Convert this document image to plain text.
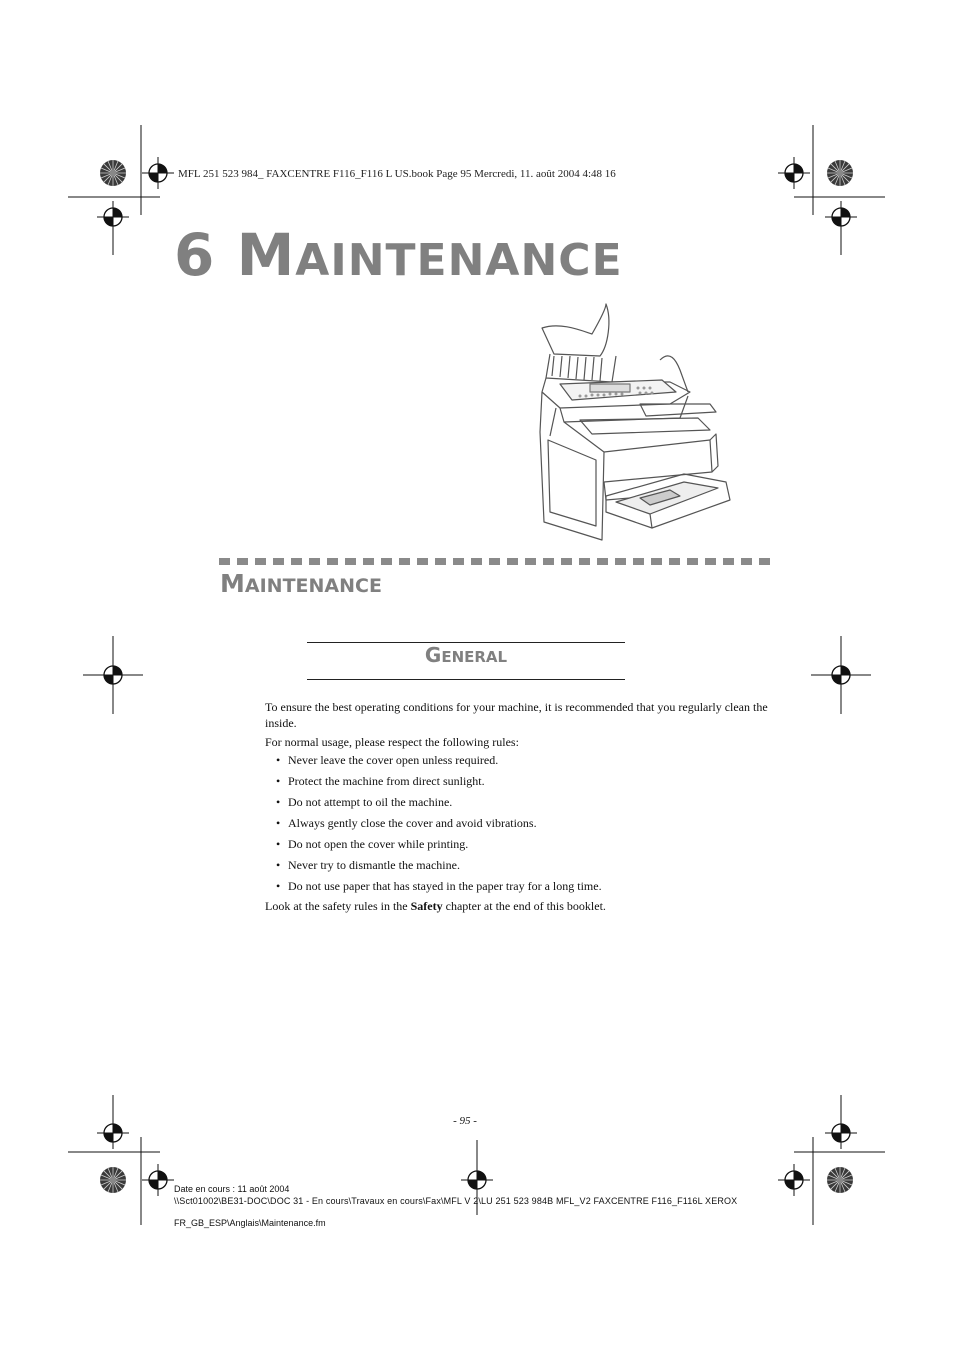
MFL 251 523 984_ FAXCENTRE F116_F116 L US.book Page 95 Mercredi, 11. août 2004 4:48 16
6 MAINTENANCE
MAINTENANCE
GENERAL

To ensure the best operating conditions for your machine, it is recommended that you regularly clean the inside.

For normal usage, please respect the following rules:

• Never leave the cover open unless required.
• Protect the machine from direct sunlight.
• Do not attempt to oil the machine.
• Always gently close the cover and avoid vibrations.
• Do not open the cover while printing.
• Never try to dismantle the machine.
• Do not use paper that has stayed in the paper tray for a long time.

Look at the safety rules in the Safety chapter at the end of this booklet.

- 95 -
Date en cours : 11 août 2004
\\Sct01002\BE31-DOC\DOC 31 - En cours\Travaux en cours\Fax\MFL V 2\LU 251 523 984B MFL_V2 FAXCENTRE F116_F116L XEROX
FR_GB_ESP\Anglais\Maintenance.fm
